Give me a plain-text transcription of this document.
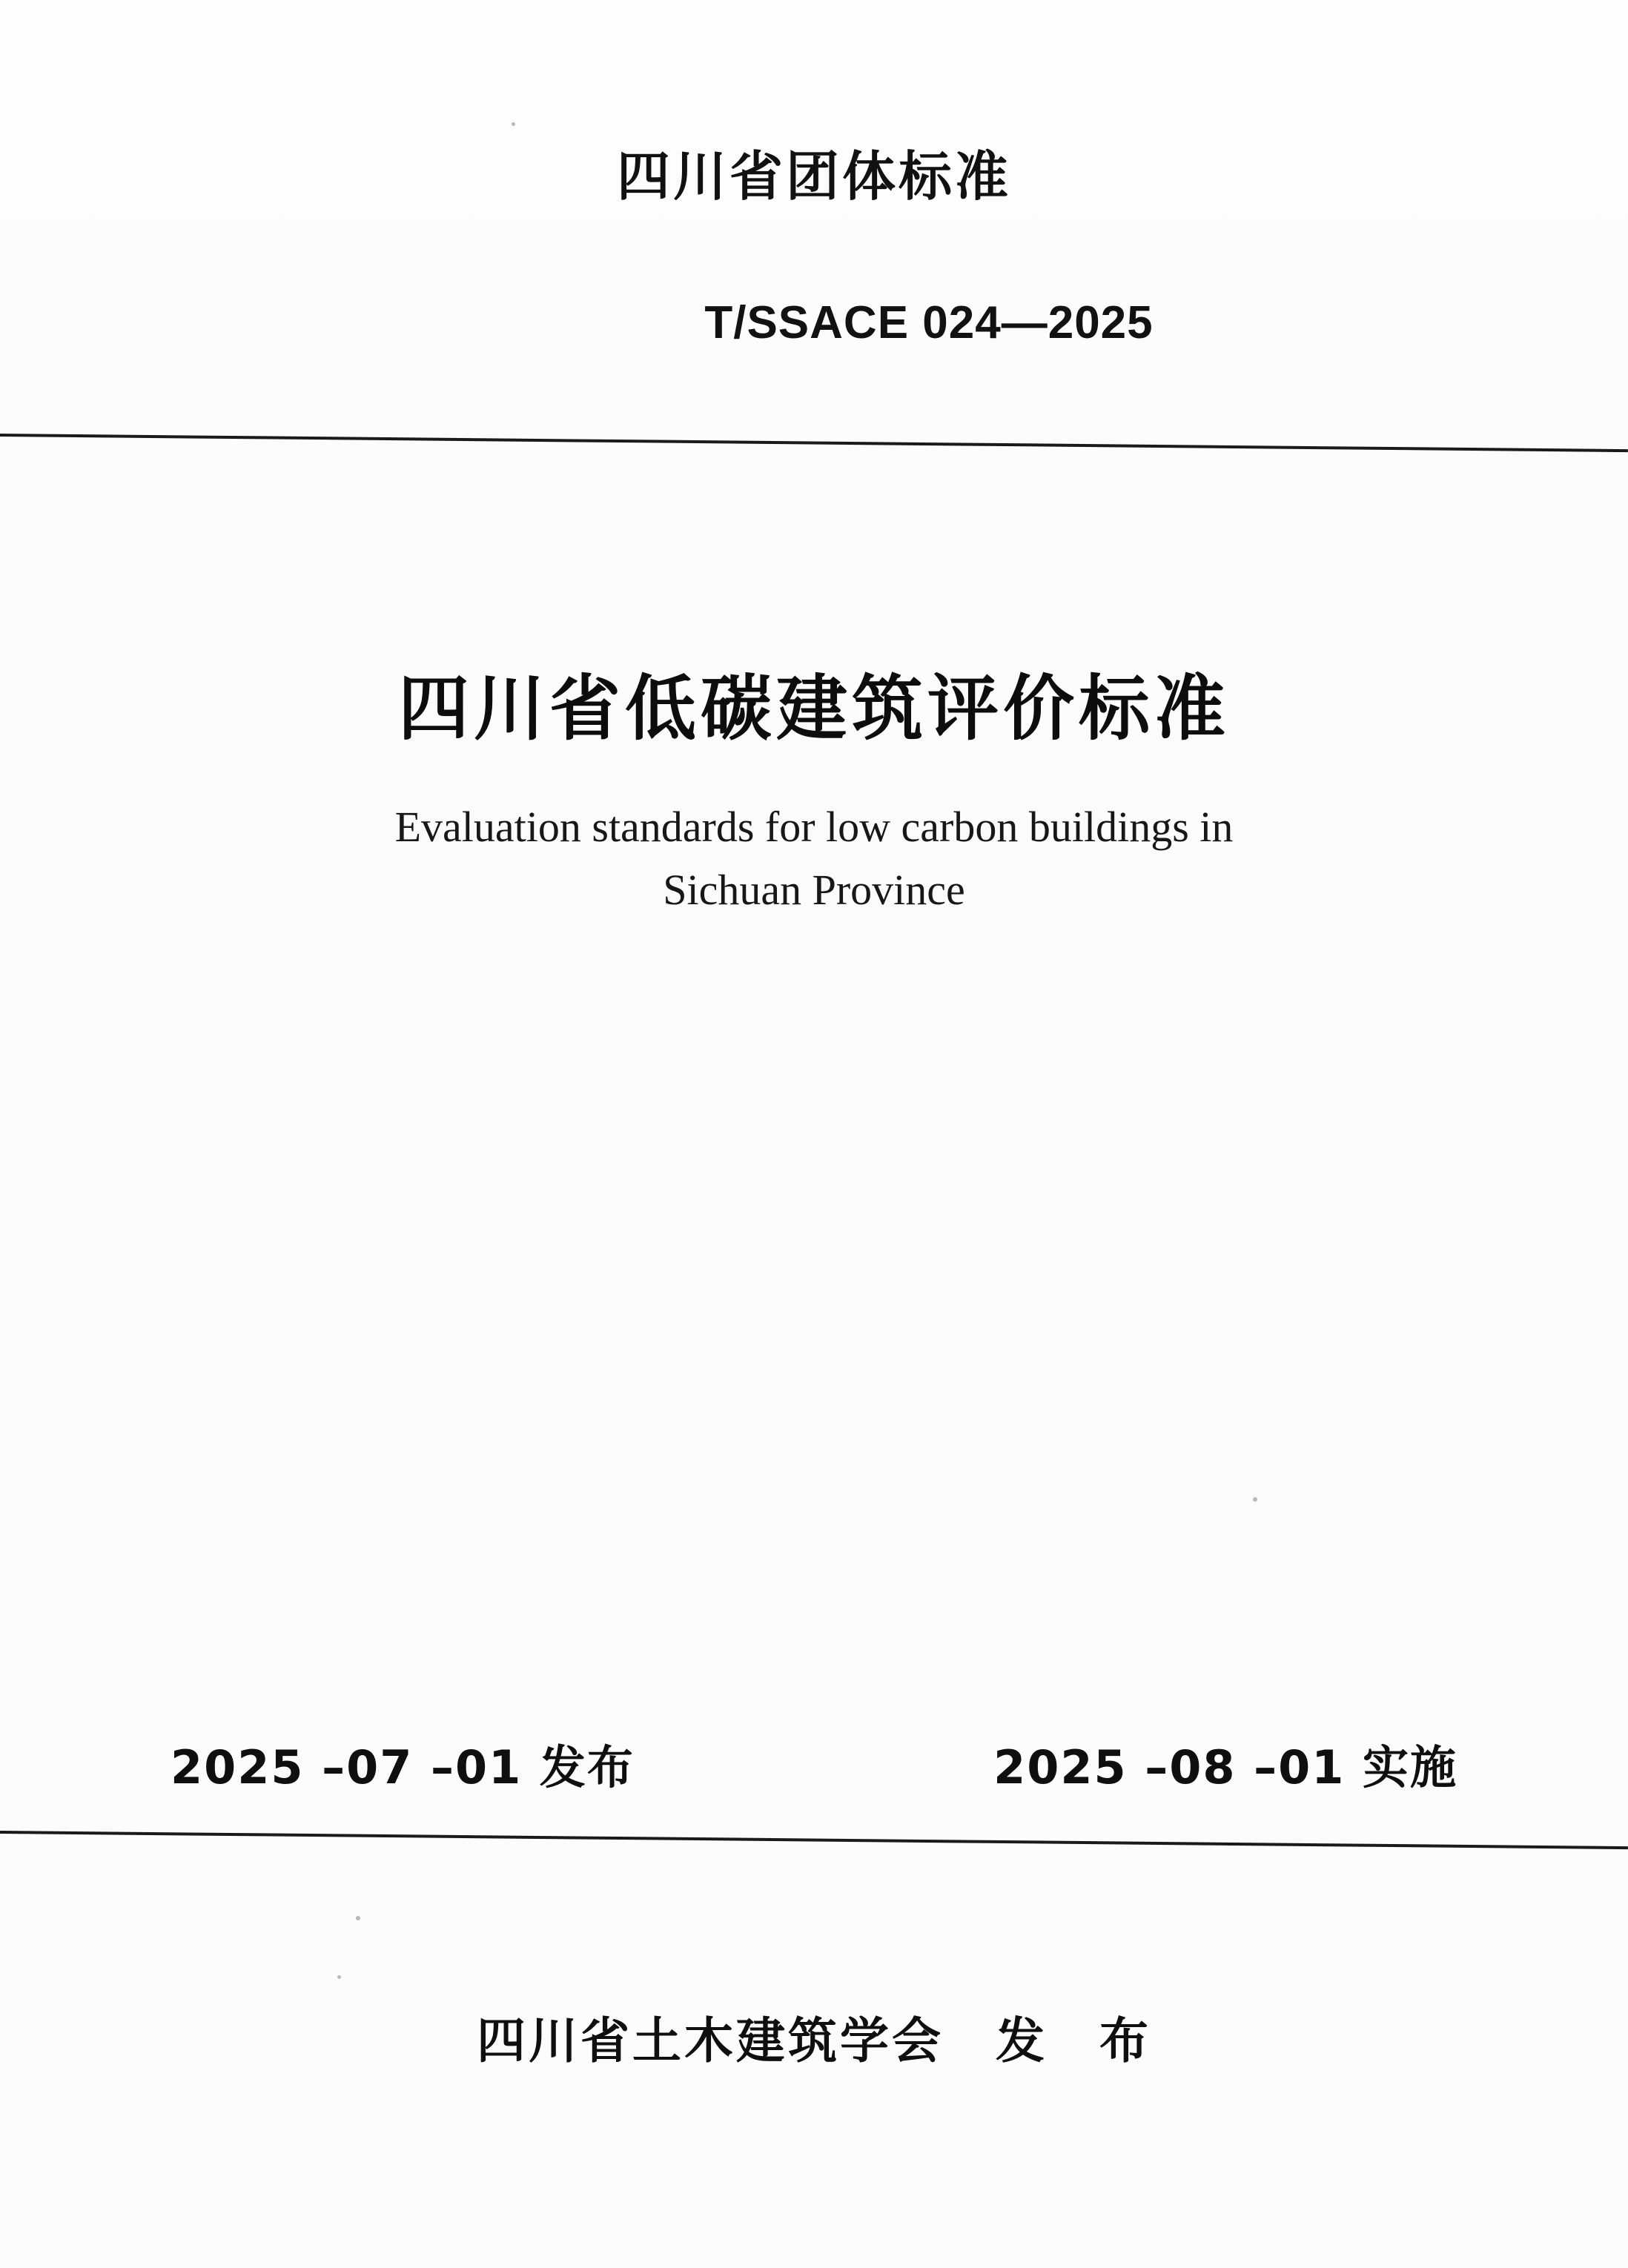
四川省团体标准
T/SSACE 024—2025
四川省低碳建筑评价标准
Evaluation standards for low carbon buildings in
Sichuan Province
2025 –07 –01 发布	2025 –08 –01 实施
四川省土木建筑学会　发　布
